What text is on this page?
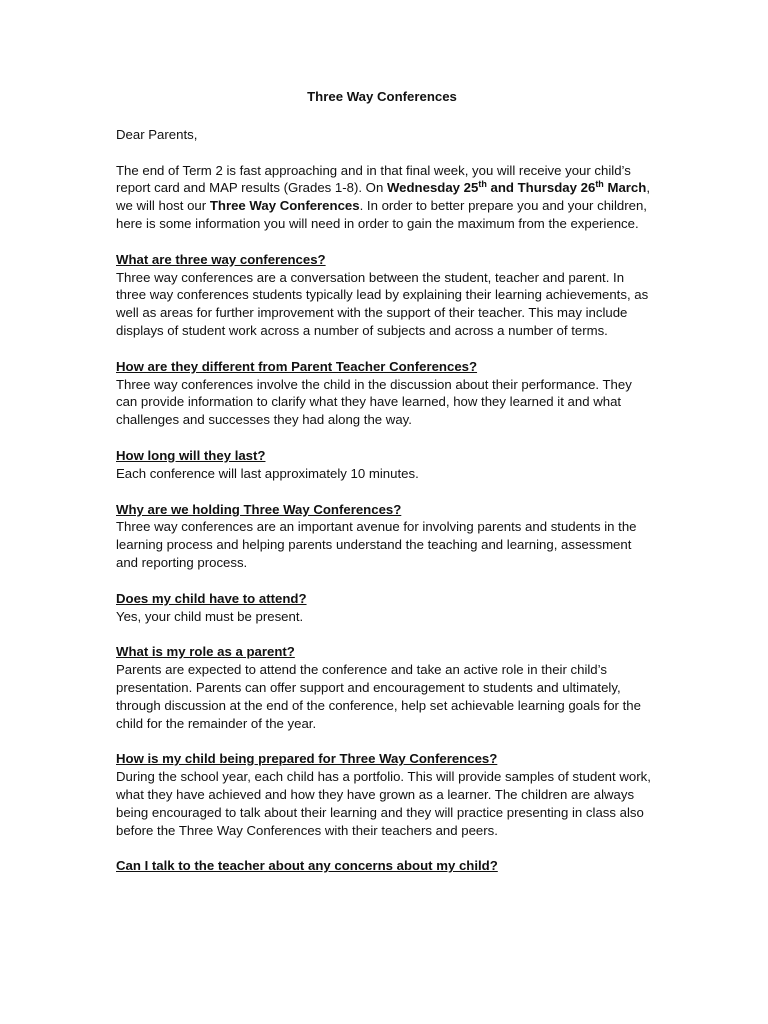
Three Way Conferences
Dear Parents,
The end of Term 2 is fast approaching and in that final week, you will receive your child’s report card and MAP results (Grades 1-8). On Wednesday 25th and Thursday 26th March, we will host our Three Way Conferences. In order to better prepare you and your children, here is some information you will need in order to gain the maximum from the experience.
What are three way conferences?
Three way conferences are a conversation between the student, teacher and parent. In three way conferences students typically lead by explaining their learning achievements, as well as areas for further improvement with the support of their teacher. This may include displays of student work across a number of subjects and across a number of terms.
How are they different from Parent Teacher Conferences?
Three way conferences involve the child in the discussion about their performance. They can provide information to clarify what they have learned, how they learned it and what challenges and successes they had along the way.
How long will they last?
Each conference will last approximately 10 minutes.
Why are we holding Three Way Conferences?
Three way conferences are an important avenue for involving parents and students in the learning process and helping parents understand the teaching and learning, assessment and reporting process.
Does my child have to attend?
Yes, your child must be present.
What is my role as a parent?
Parents are expected to attend the conference and take an active role in their child’s presentation. Parents can offer support and encouragement to students and ultimately, through discussion at the end of the conference, help set achievable learning goals for the child for the remainder of the year.
How is my child being prepared for Three Way Conferences?
During the school year, each child has a portfolio. This will provide samples of student work, what they have achieved and how they have grown as a learner. The children are always being encouraged to talk about their learning and they will practice presenting in class also before the Three Way Conferences with their teachers and peers.
Can I talk to the teacher about any concerns about my child?
